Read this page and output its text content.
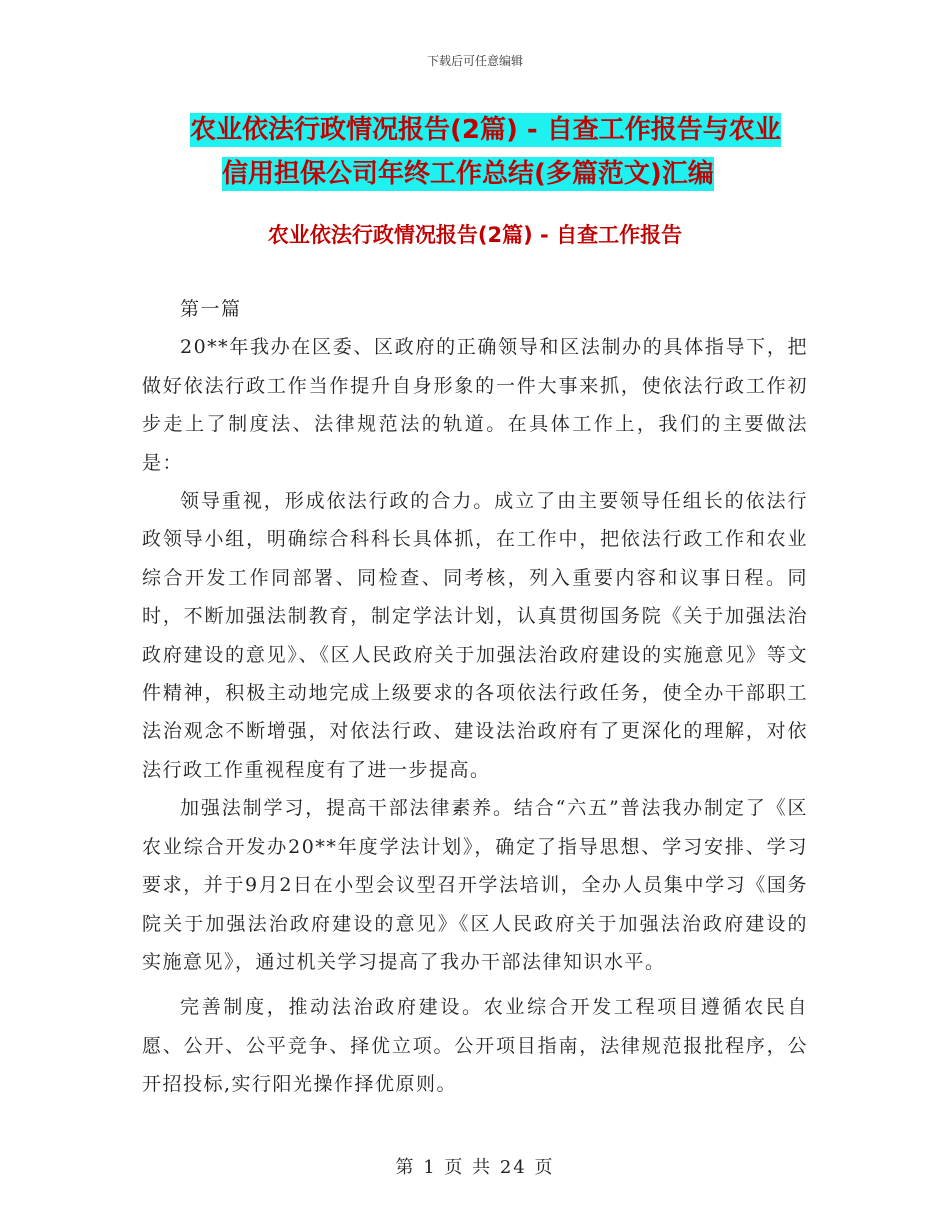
下载后可任意编辑
农业依法行政情况报告(2篇) - 自查工作报告与农业
信用担保公司年终工作总结(多篇范文)汇编
农业依法行政情况报告(2篇) - 自查工作报告

第一篇

20**年我办在区委、区政府的正确领导和区法制办的具体指导下，把做好依法行政工作当作提升自身形象的一件大事来抓，使依法行政工作初步走上了制度法、法律规范法的轨道。在具体工作上，我们的主要做法是：

领导重视，形成依法行政的合力。成立了由主要领导任组长的依法行政领导小组，明确综合科科长具体抓，在工作中，把依法行政工作和农业综合开发工作同部署、同检查、同考核，列入重要内容和议事日程。同时，不断加强法制教育，制定学法计划，认真贯彻国务院《关于加强法治政府建设的意见》、《区人民政府关于加强法治政府建设的实施意见》等文件精神，积极主动地完成上级要求的各项依法行政任务，使全办干部职工法治观念不断增强，对依法行政、建设法治政府有了更深化的理解，对依法行政工作重视程度有了进一步提高。

加强法制学习，提高干部法律素养。结合“六五”普法我办制定了《区农业综合开发办20**年度学法计划》，确定了指导思想、学习安排、学习要求，并于9月2日在小型会议型召开学法培训，全办人员集中学习《国务院关于加强法治政府建设的意见》《区人民政府关于加强法治政府建设的实施意见》，通过机关学习提高了我办干部法律知识水平。

完善制度，推动法治政府建设。农业综合开发工程项目遵循农民自愿、公开、公平竞争、择优立项。公开项目指南，法律规范报批程序，公开招投标,实行阳光操作择优原则。

第 1 页 共 24 页
